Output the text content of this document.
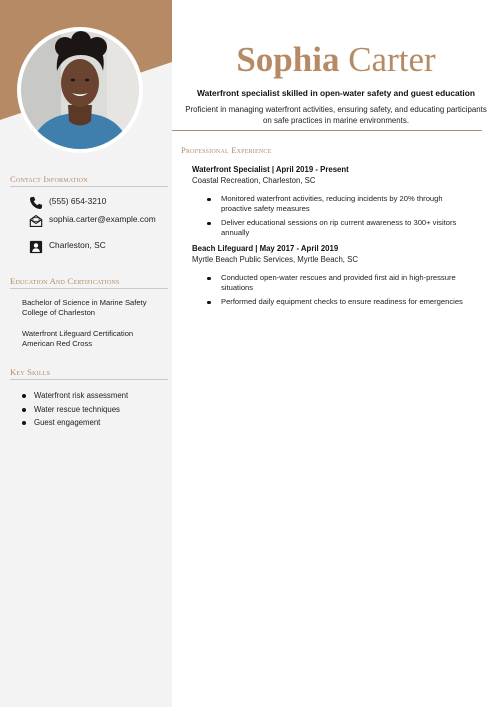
Contact Information
(555) 654-3210
sophia.carter@example.com
Charleston, SC
Education And Certifications
Bachelor of Science in Marine Safety
College of Charleston
Waterfront Lifeguard Certification
American Red Cross
Key Skills
Waterfront risk assessment
Water rescue techniques
Guest engagement
Sophia Carter
Waterfront specialist skilled in open-water safety and guest education
Proficient in managing waterfront activities, ensuring safety, and educating participants on safe practices in marine environments.
Professional Experience
Waterfront Specialist | April 2019 - Present
Coastal Recreation, Charleston, SC
Monitored waterfront activities, reducing incidents by 20% through proactive safety measures
Deliver educational sessions on rip current awareness to 300+ visitors annually
Beach Lifeguard | May 2017 - April 2019
Myrtle Beach Public Services, Myrtle Beach, SC
Conducted open-water rescues and provided first aid in high-pressure situations
Performed daily equipment checks to ensure readiness for emergencies
